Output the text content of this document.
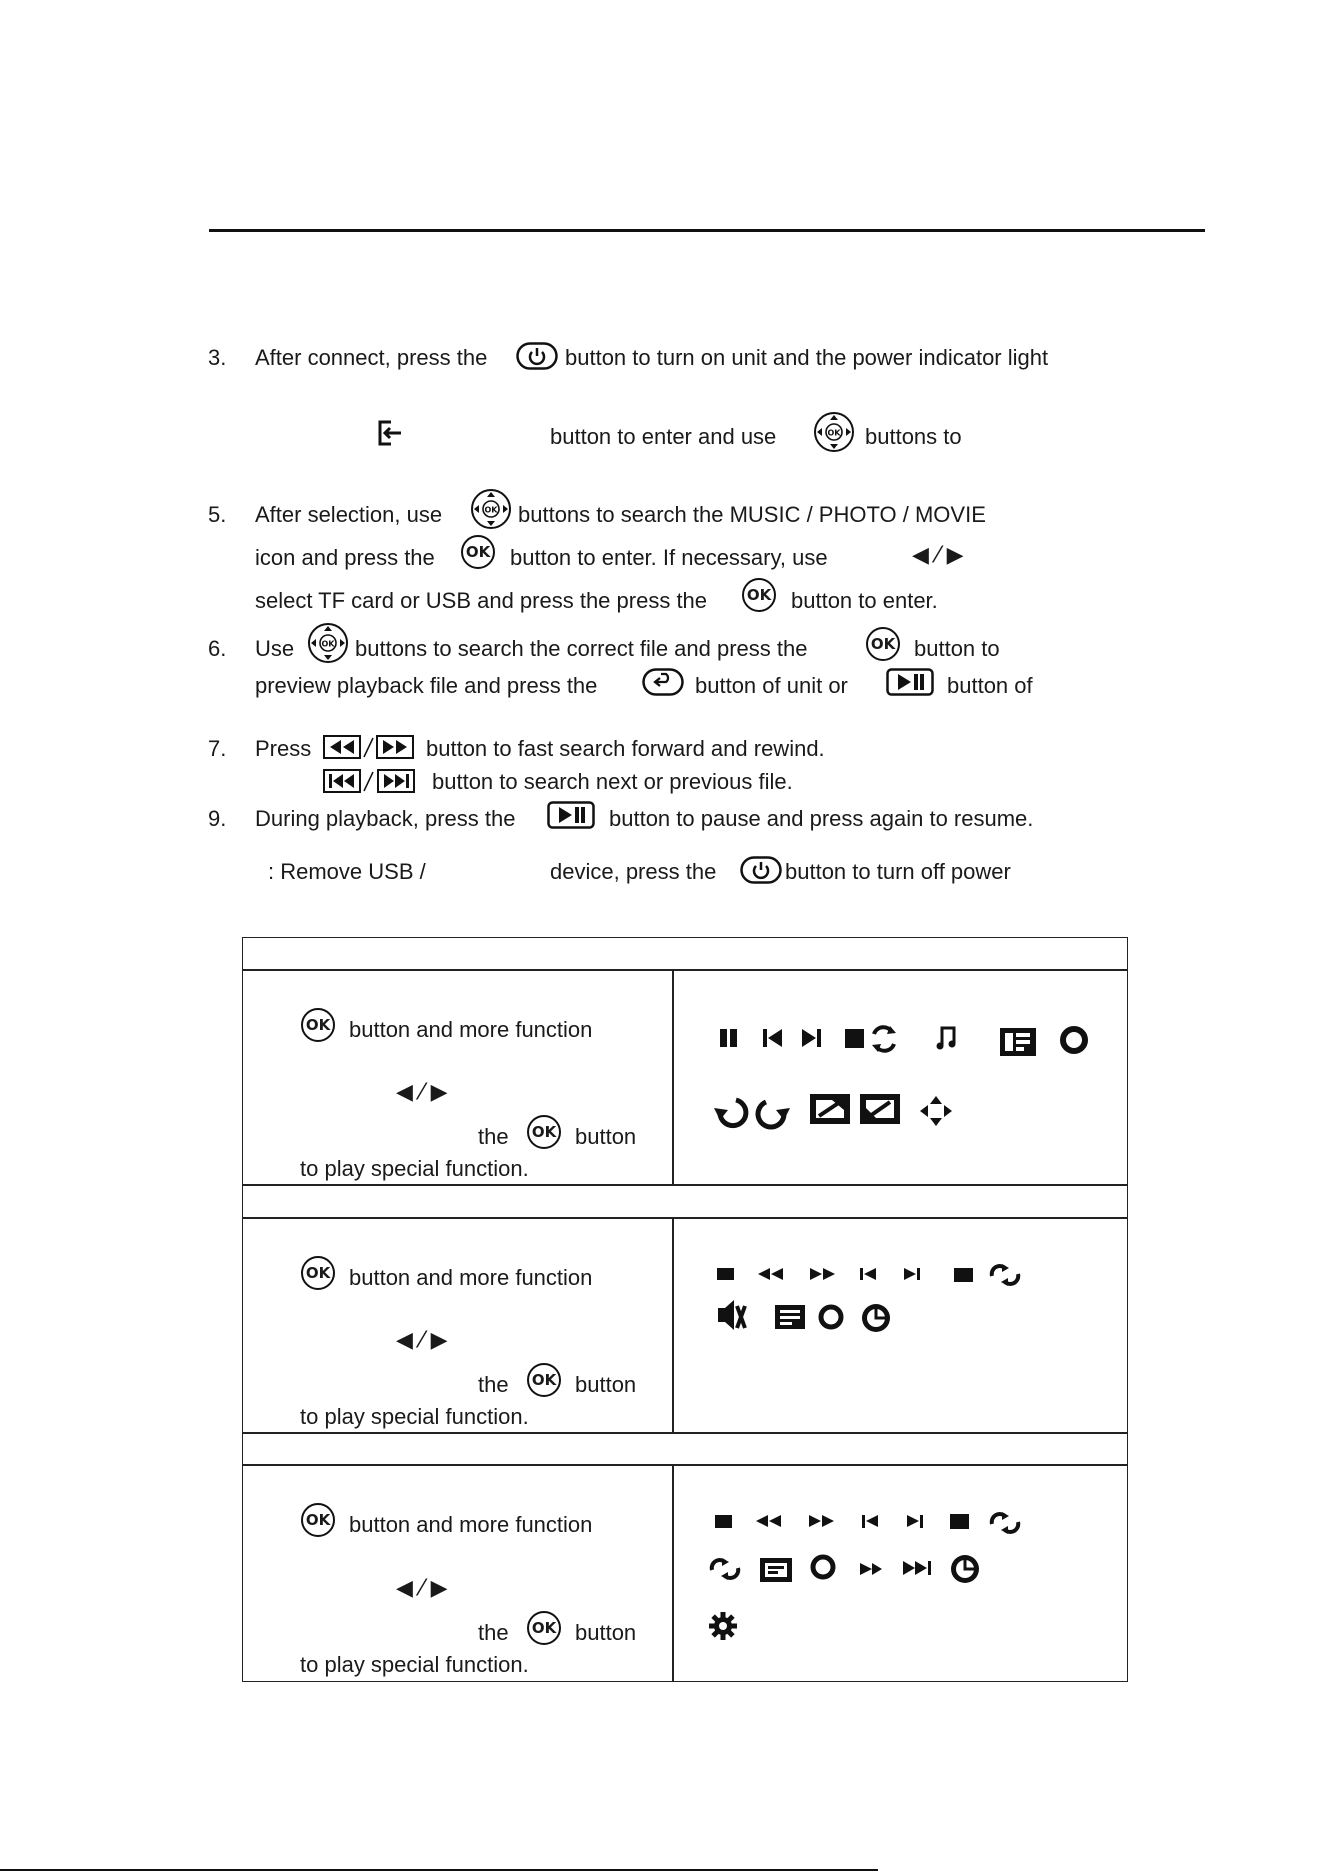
3. After connect, press the	button to turn on unit and the power indicator light
button to enter and use	OK buttons to
5. After selection, use	OK buttons to search the MUSIC / PHOTO / MOVIE
icon and press the	OK button to enter. If necessary, use	◀ ⁄ ▶
select TF card or USB and press the press the	OK button to enter.
6. Use	OK buttons to search the correct file and press the	OK button to
preview playback file and press the	button of unit or	button of
7. Press	button to fast search forward and rewind.
button to search next or previous file.
9. During playback, press the	button to pause and press again to resume.
: Remove USB /	device, press the	button to turn off power
OK button and more function
◀ ⁄ ▶
the	OK button
to play special function.
OK button and more function
◀ ⁄ ▶
the	OK button
to play special function.
OK button and more function
◀ ⁄ ▶
the	OK button
to play special function.
